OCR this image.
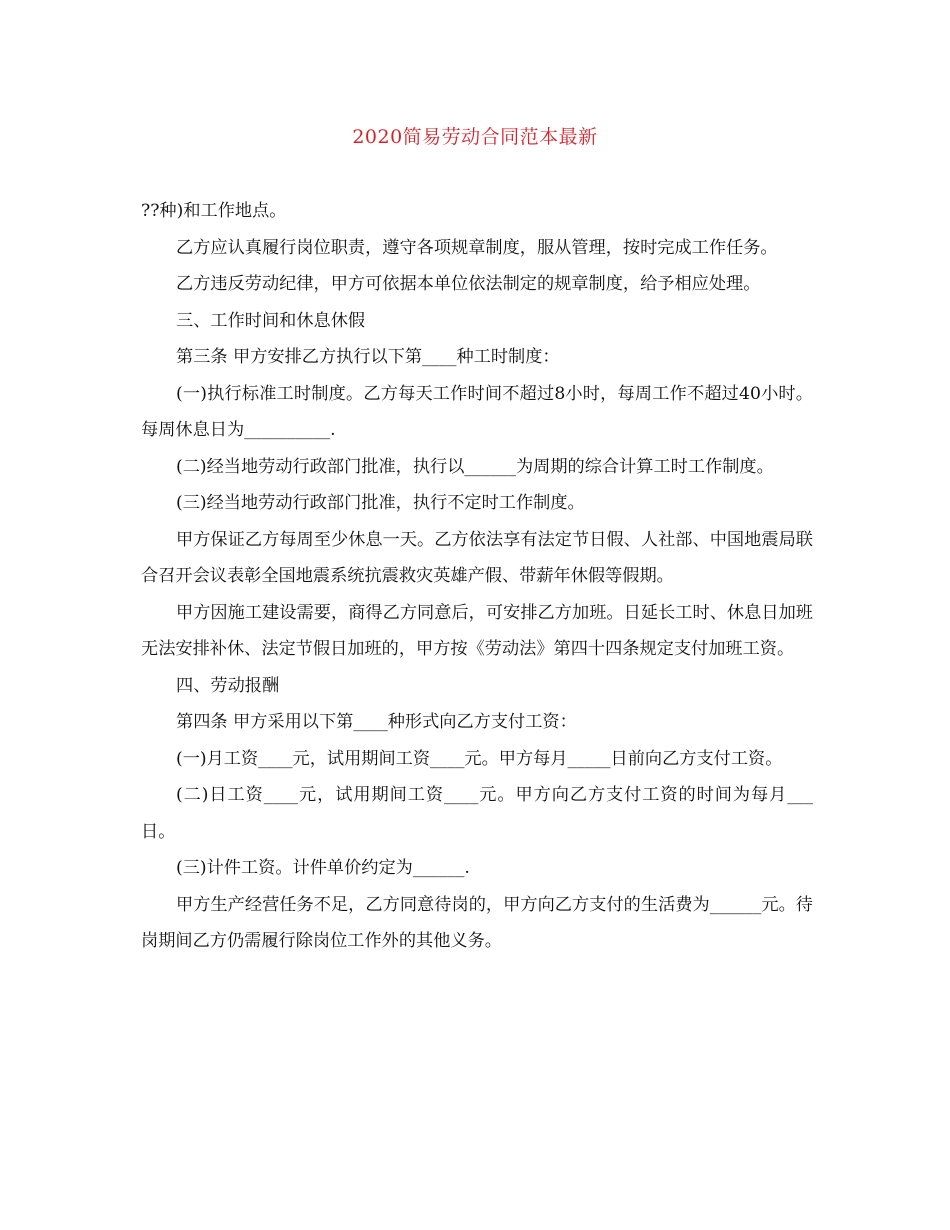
2020简易劳动合同范本最新

??种)和工作地点。

乙方应认真履行岗位职责，遵守各项规章制度，服从管理，按时完成工作任务。

乙方违反劳动纪律，甲方可依据本单位依法制定的规章制度，给予相应处理。

三、工作时间和休息休假

第三条 甲方安排乙方执行以下第____种工时制度：

(一)执行标准工时制度。乙方每天工作时间不超过8小时，每周工作不超过40小时。每周休息日为__________.

(二)经当地劳动行政部门批准，执行以______为周期的综合计算工时工作制度。

(三)经当地劳动行政部门批准，执行不定时工作制度。

甲方保证乙方每周至少休息一天。乙方依法享有法定节日假、人社部、中国地震局联合召开会议表彰全国地震系统抗震救灾英雄产假、带薪年休假等假期。

甲方因施工建设需要，商得乙方同意后，可安排乙方加班。日延长工时、休息日加班无法安排补休、法定节假日加班的，甲方按《劳动法》第四十四条规定支付加班工资。

四、劳动报酬

第四条 甲方采用以下第____种形式向乙方支付工资：

(一)月工资____元，试用期间工资____元。甲方每月_____日前向乙方支付工资。

(二)日工资____元，试用期间工资____元。甲方向乙方支付工资的时间为每月___日。

(三)计件工资。计件单价约定为______.

甲方生产经营任务不足，乙方同意待岗的，甲方向乙方支付的生活费为______元。待岗期间乙方仍需履行除岗位工作外的其他义务。
